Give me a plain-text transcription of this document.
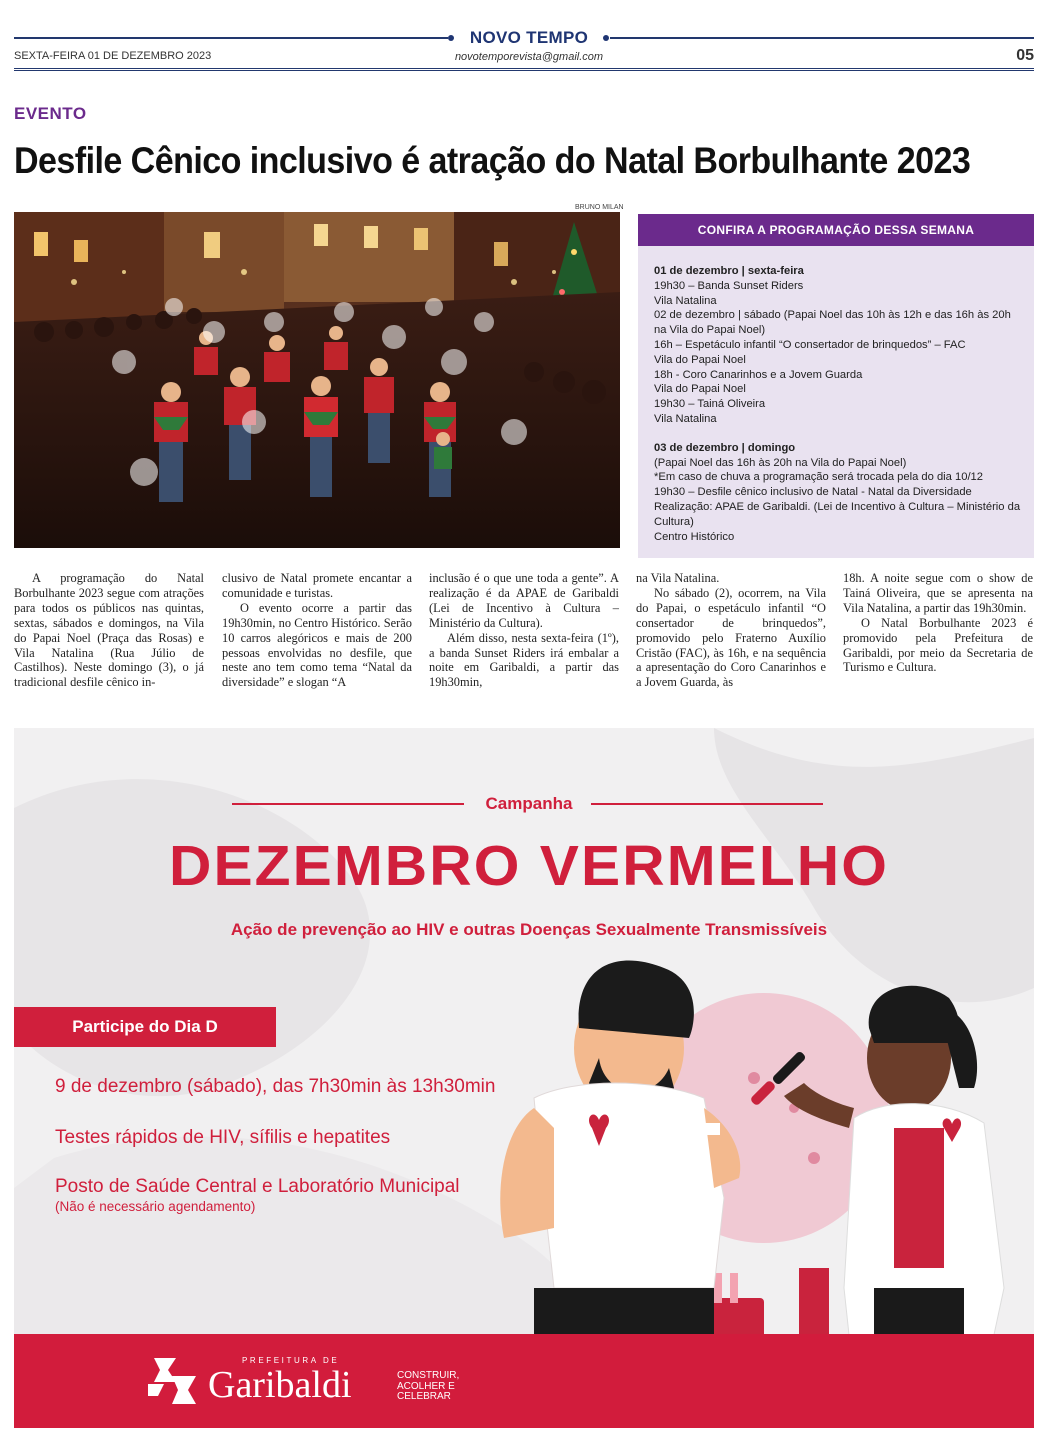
NOVO TEMPO
SEXTA-FEIRA 01 DE DEZEMBRO 2023	novotemporevista@gmail.com	05
EVENTO
Desfile Cênico inclusivo é atração do Natal Borbulhante 2023
BRUNO MILAN
CONFIRA A PROGRAMAÇÃO DESSA SEMANA

01 de dezembro | sexta-feira

19h30 – Banda Sunset Riders

Vila Natalina

02 de dezembro | sábado (Papai Noel das 10h às 12h e das 16h às 20h na Vila do Papai Noel)

16h – Espetáculo infantil “O consertador de brinquedos” – FAC

Vila do Papai Noel

18h - Coro Canarinhos e a Jovem Guarda

Vila do Papai Noel

19h30 – Tainá Oliveira

Vila Natalina

03 de dezembro | domingo

(Papai Noel das 16h às 20h na Vila do Papai Noel)

*Em caso de chuva a programação será trocada pela do dia 10/12

19h30 – Desfile cênico inclusivo de Natal - Natal da Diversidade

Realização: APAE de Garibaldi. (Lei de Incentivo à Cultura – Ministério da Cultura)

Centro Histórico

A programação do Natal Borbulhante 2023 segue com atrações para todos os públicos nas quintas, sextas, sábados e domingos, na Vila do Papai Noel (Praça das Rosas) e Vila Natalina (Rua Júlio de Castilhos). Neste domingo (3), o já tradicional desfile cênico in-

clusivo de Natal promete encantar a comunidade e turistas.

O evento ocorre a partir das 19h30min, no Centro Histórico. Serão 10 carros alegóricos e mais de 200 pessoas envolvidas no desfile, que neste ano tem como tema “Natal da diversidade” e slogan “A

inclusão é o que une toda a gente”. A realização é da APAE de Garibaldi (Lei de Incentivo à Cultura – Ministério da Cultura).

Além disso, nesta sexta-feira (1º), a banda Sunset Riders irá embalar a noite em Garibaldi, a partir das 19h30min,

na Vila Natalina.

No sábado (2), ocorrem, na Vila do Papai, o espetáculo infantil “O consertador de brinquedos”, promovido pelo Fraterno Auxílio Cristão (FAC), às 16h, e na sequência a apresentação do Coro Canarinhos e a Jovem Guarda, às

18h. A noite segue com o show de Tainá Oliveira, que se apresenta na Vila Natalina, a partir das 19h30min.

O Natal Borbulhante 2023 é promovido pela Prefeitura de Garibaldi, por meio da Secretaria de Turismo e Cultura.

Campanha
DEZEMBRO VERMELHO
Ação de prevenção ao HIV e outras Doenças Sexualmente Transmissíveis
Participe do Dia D
9 de dezembro (sábado), das 7h30min às 13h30min
Testes rápidos de HIV, sífilis e hepatites
Posto de Saúde Central e Laboratório Municipal
(Não é necessário agendamento)
PREFEITURA DE
Garibaldi	CONSTRUIR,
ACOLHER E
CELEBRAR
